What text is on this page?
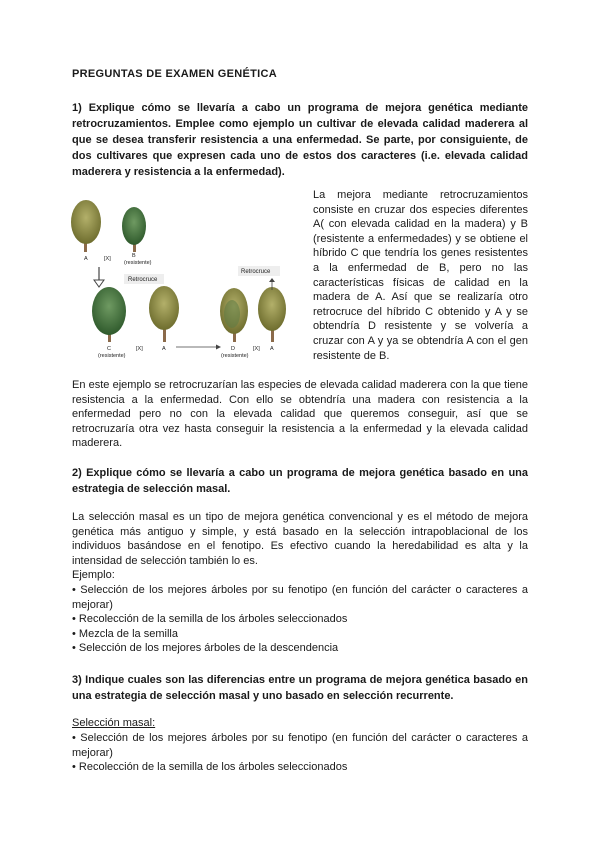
PREGUNTAS DE EXAMEN GENÉTICA
1) Explique cómo se llevaría a cabo un programa de mejora genética mediante retrocruzamientos. Emplee como ejemplo un cultivar de elevada calidad maderera al que se desea transferir resistencia a una enfermedad. Se parte, por consiguiente, de dos cultivares que expresen cada uno de estos dos caracteres (i.e. elevada calidad maderera y resistencia a la enfermedad).
A	[X]	B
(resistente)
Retrocruce
Retrocruce
C
(resistente)
[X]	A	D
(resistente)
[X] A
La mejora mediante retrocruzamientos consiste en cruzar dos especies diferentes A( con elevada calidad en la madera) y B (resistente a enfermedades) y se obtiene el híbrido C que tendría los genes resistentes a la enfermedad de B, pero no las características físicas de calidad en la madera de A. Así que se realizaría otro retrocruce del híbrido C obtenido y A y se obtendría D resistente y se volvería a cruzar con A y ya se obtendría A con el gen resistente de B.
En este ejemplo se retrocruzarían las especies de elevada calidad maderera con la que tiene resistencia a la enfermedad. Con ello se obtendría una madera con resistencia a la enfermedad pero no con la elevada calidad que queremos conseguir, así que se retrocruzaría otra vez hasta conseguir la resistencia a la enfermedad y la elevada calidad maderera.
2) Explique cómo se llevaría a cabo un programa de mejora genética basado en una estrategia de selección masal.
La selección masal es un tipo de mejora genética convencional y es el método de mejora genética más antiguo y simple, y está basado en la selección intrapoblacional de los individuos basándose en el fenotipo. Es efectivo cuando la heredabilidad es alta y la intensidad de selección también lo es.
Ejemplo:
• Selección de los mejores árboles por su fenotipo (en función del carácter o caracteres a mejorar)
• Recolección de la semilla de los árboles seleccionados
• Mezcla de la semilla
• Selección de los mejores árboles de la descendencia
3) Indique cuales son las diferencias entre un programa de mejora genética basado en una estrategia de selección masal y uno basado en selección recurrente.
Selección masal:
• Selección de los mejores árboles por su fenotipo (en función del carácter o caracteres a mejorar)
• Recolección de la semilla de los árboles seleccionados
